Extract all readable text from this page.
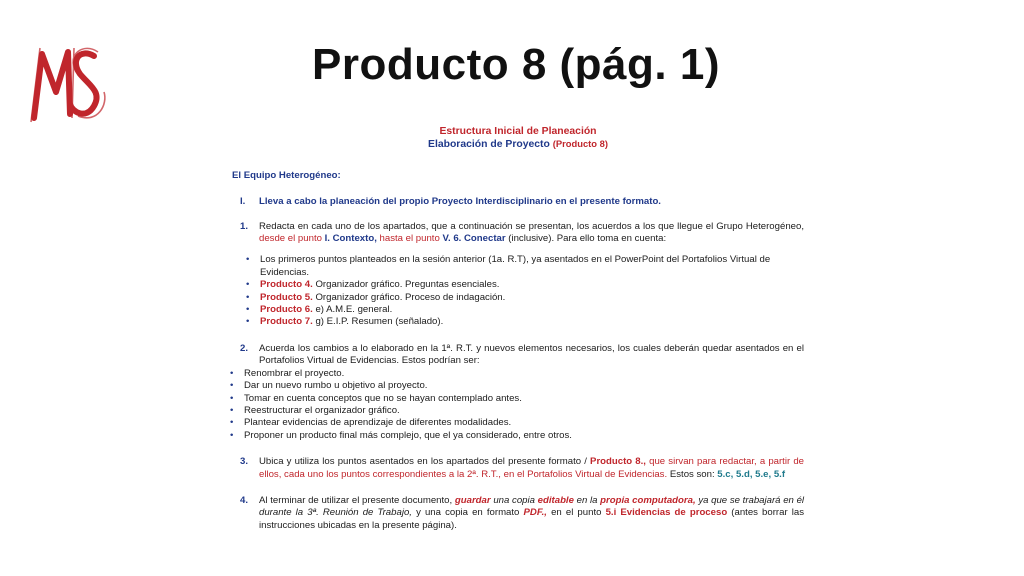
Producto 8 (pág. 1)
Estructura Inicial de Planeación
Elaboración de Proyecto (Producto 8)
El Equipo Heterogéneo:
I. Lleva a cabo la planeación del propio Proyecto Interdisciplinario en el presente formato.
1. Redacta en cada uno de los apartados, que a continuación se presentan, los acuerdos a los que llegue el Grupo Heterogéneo, desde el punto I. Contexto, hasta el punto V. 6. Conectar (inclusive). Para ello toma en cuenta:
• Los primeros puntos planteados en la sesión anterior (1a. R.T), ya asentados en el PowerPoint del Portafolios Virtual de
Evidencias.
• Producto 4. Organizador gráfico. Preguntas esenciales.
• Producto 5. Organizador gráfico. Proceso de indagación.
• Producto 6. e) A.M.E. general.
• Producto 7. g) E.I.P. Resumen (señalado).
2. Acuerda los cambios a lo elaborado en la 1ª. R.T. y nuevos elementos necesarios, los cuales deberán quedar asentados en el Portafolios Virtual de Evidencias. Estos podrían ser:
• Renombrar el proyecto.
• Dar un nuevo rumbo u objetivo al proyecto.
• Tomar en cuenta conceptos que no se hayan contemplado antes.
• Reestructurar el organizador gráfico.
• Plantear evidencias de aprendizaje de diferentes modalidades.
• Proponer un producto final más complejo, que el ya considerado, entre otros.
3. Ubica y utiliza los puntos asentados en los apartados del presente formato / Producto 8., que sirvan para redactar, a partir de ellos, cada uno los puntos correspondientes a la 2ª. R.T., en el Portafolios Virtual de Evidencias. Estos son: 5.c, 5.d, 5.e, 5.f
4. Al terminar de utilizar el presente documento, guardar una copia editable en la propia computadora, ya que se trabajará en él durante la 3ª. Reunión de Trabajo, y una copia en formato PDF., en el punto 5.i Evidencias de proceso (antes borrar las instrucciones ubicadas en la presente página).
